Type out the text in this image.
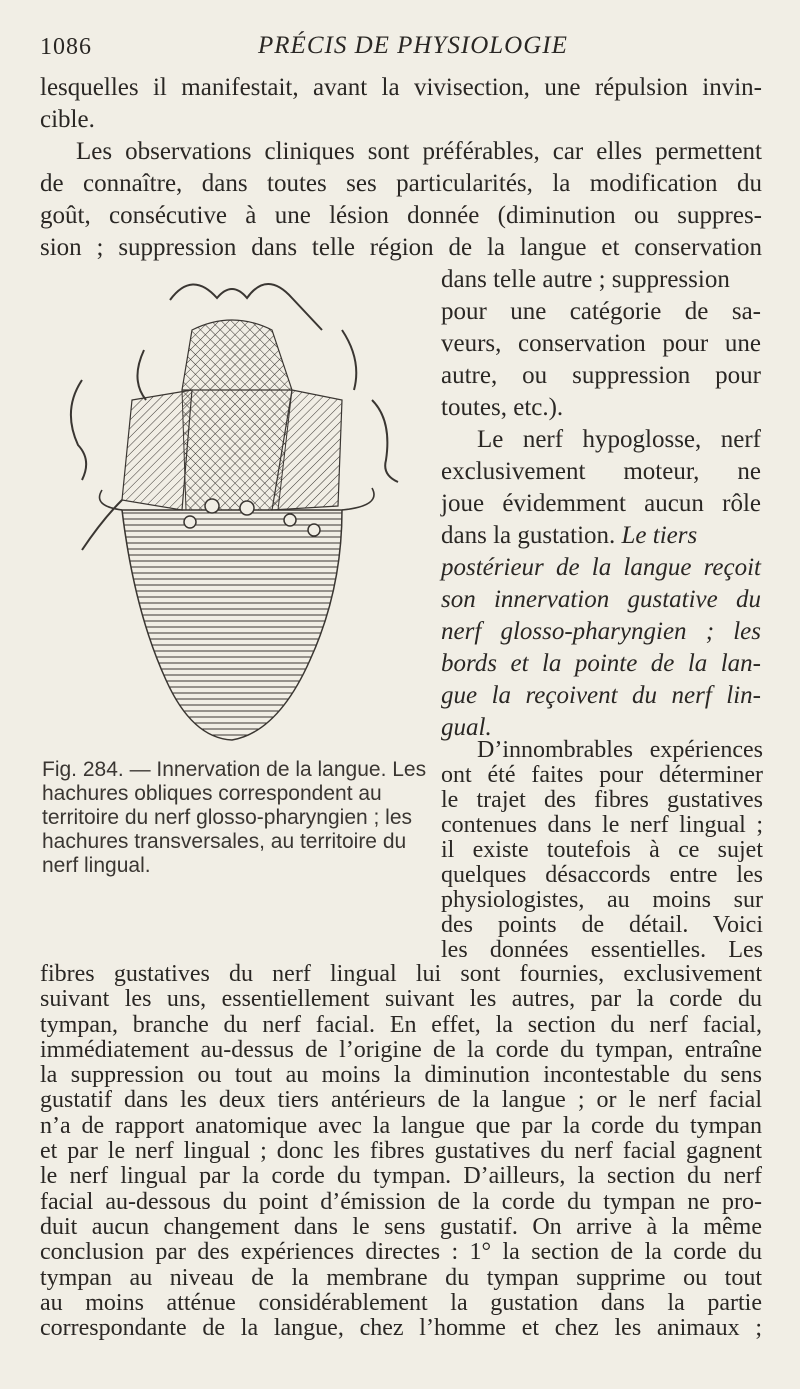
1086	PRÉCIS DE PHYSIOLOGIE
lesquelles il manifestait, avant la vivisection, une répulsion invin-
cible.
Les observations cliniques sont préférables, car elles permettent
de connaître, dans toutes ses particularités, la modification du
goût, consécutive à une lésion donnée (diminution ou suppres-
sion ; suppression dans telle région de la langue et conservation
dans telle autre ; suppression
pour une catégorie de sa-
veurs, conservation pour une
autre, ou suppression pour
toutes, etc.).
Le nerf hypoglosse, nerf
exclusivement moteur, ne
joue évidemment aucun rôle
dans la gustation. Le tiers
postérieur de la langue reçoit
son innervation gustative du
nerf glosso-pharyngien ; les
bords et la pointe de la lan-
gue la reçoivent du nerf lin-
gual.
D’innombrables expériences
ont été faites pour déterminer
le trajet des fibres gustatives
contenues dans le nerf lingual ;
il existe toutefois à ce sujet
quelques désaccords entre les
physiologistes, au moins sur
des points de détail. Voici
les données essentielles. Les
Fig. 284. — Innervation de la langue. Les hachures obliques correspondent au territoire du nerf glosso-pharyngien ; les hachures transversales, au territoire du nerf lingual.
fibres gustatives du nerf lingual lui sont fournies, exclusivement
suivant les uns, essentiellement suivant les autres, par la corde du
tympan, branche du nerf facial. En effet, la section du nerf facial,
immédiatement au-dessus de l’origine de la corde du tympan, entraîne
la suppression ou tout au moins la diminution incontestable du sens
gustatif dans les deux tiers antérieurs de la langue ; or le nerf facial
n’a de rapport anatomique avec la langue que par la corde du tympan
et par le nerf lingual ; donc les fibres gustatives du nerf facial gagnent
le nerf lingual par la corde du tympan. D’ailleurs, la section du nerf
facial au-dessous du point d’émission de la corde du tympan ne pro-
duit aucun changement dans le sens gustatif. On arrive à la même
conclusion par des expériences directes : 1° la section de la corde du
tympan au niveau de la membrane du tympan supprime ou tout
au moins atténue considérablement la gustation dans la partie
correspondante de la langue, chez l’homme et chez les animaux ;
